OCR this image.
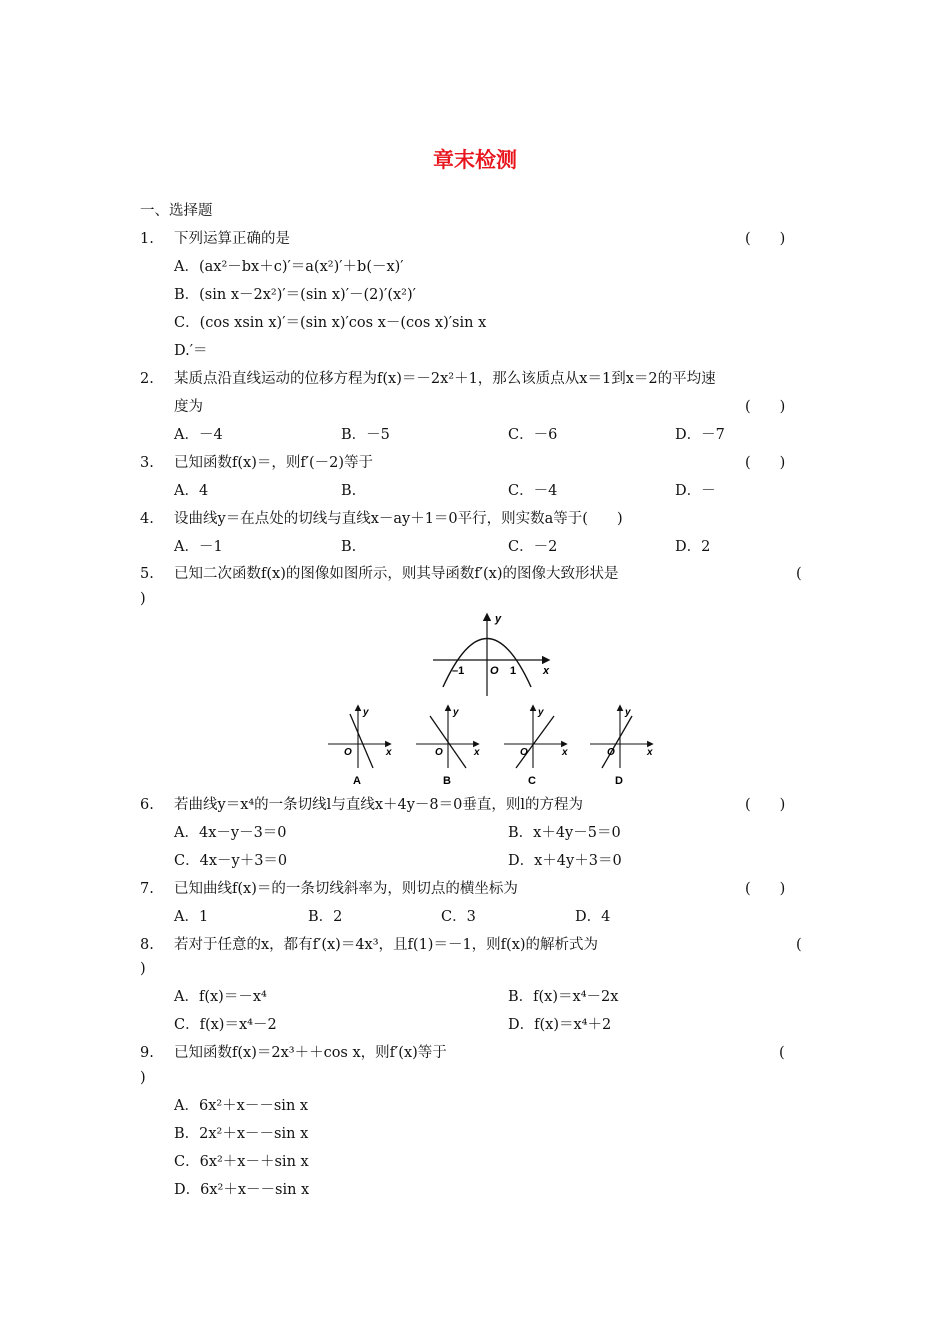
章末检测
一、选择题
1. 下列运算正确的是	(　　)
A．(ax²－bx＋c)′＝a(x²)′＋b(－x)′
B．(sin x－2x²)′＝(sin x)′－(2)′(x²)′
C．(cos xsin x)′＝(sin x)′cos x－(cos x)′sin x
D.′＝
2. 某质点沿直线运动的位移方程为f(x)＝－2x²＋1，那么该质点从x＝1到x＝2的平均速
度为	(　　)
A．－4	B．－5	C．－6	D．－7
3. 已知函数f(x)＝，则f′(－2)等于	(　　)
A．4	B.	C．－4	D．－
4. 设曲线y＝在点处的切线与直线x－ay＋1＝0平行，则实数a等于(　　)
A．－1	B.	C．－2	D．2
5. 已知二次函数f(x)的图像如图所示，则其导函数f′(x)的图像大致形状是	(
)
y
x
O
–1	1
y
x
O
A
y
x
O
B
y
x
O
C
y
x
O
D
6. 若曲线y＝x⁴的一条切线l与直线x＋4y－8＝0垂直，则l的方程为	(　　)
A．4x－y－3＝0	B．x＋4y－5＝0
C．4x－y＋3＝0	D．x＋4y＋3＝0
7. 已知曲线f(x)＝的一条切线斜率为，则切点的横坐标为	(　　)
A．1	B．2	C．3	D．4
8. 若对于任意的x，都有f′(x)＝4x³，且f(1)＝－1，则f(x)的解析式为	(
)
A．f(x)＝－x⁴	B．f(x)＝x⁴－2x
C．f(x)＝x⁴－2	D．f(x)＝x⁴＋2
9. 已知函数f(x)＝2x³＋＋cos x，则f′(x)等于	(
)
A．6x²＋x－－sin x
B．2x²＋x－－sin x
C．6x²＋x－＋sin x
D．6x²＋x－－sin x
